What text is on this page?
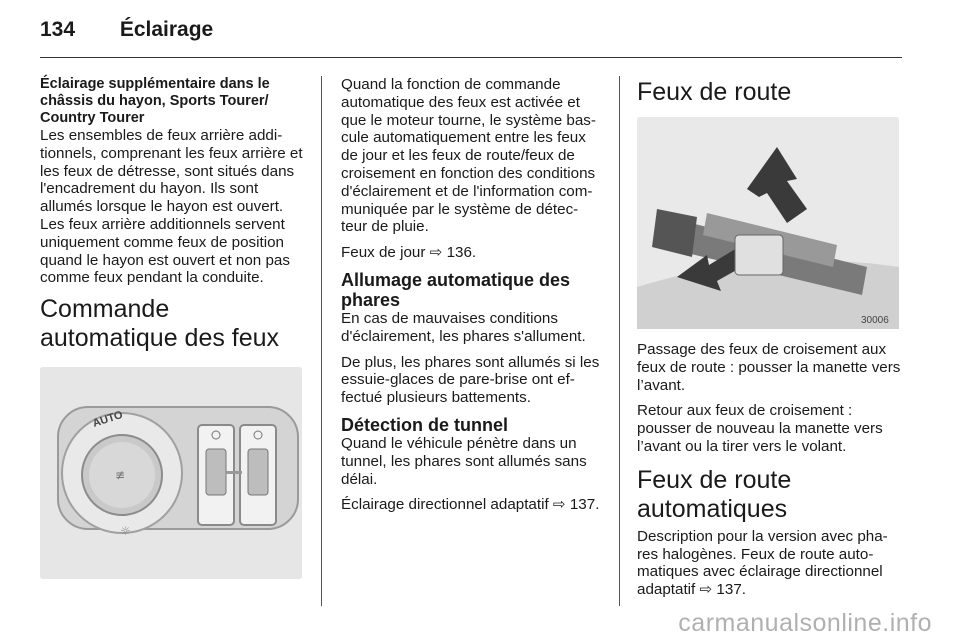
134 Éclairage
Éclairage supplémentaire dans le châssis du hayon, Sports Tourer/ Country Tourer

Les ensembles de feux arrière addi- tionnels, comprenant les feux arrière et les feux de détresse, sont situés dans l'encadrement du hayon. Ils sont allumés lorsque le hayon est ouvert. Les feux arrière additionnels servent uniquement comme feux de position quand le hayon est ouvert et non pas comme feux pendant la conduite.

Commande automatique des feux
≢
AUTO
☼

Quand la fonction de commande automatique des feux est activée et que le moteur tourne, le système bas- cule automatiquement entre les feux de jour et les feux de route/feux de croisement en fonction des conditions d'éclairement et de l'information com- muniquée par le système de détec- teur de pluie.

Feux de jour ⇨ 136.

Allumage automatique des phares

En cas de mauvaises conditions d'éclairement, les phares s'allument.

De plus, les phares sont allumés si les essuie-glaces de pare-brise ont ef- fectué plusieurs battements.

Détection de tunnel

Quand le véhicule pénètre dans un tunnel, les phares sont allumés sans délai.

Éclairage directionnel adaptatif ⇨ 137.

Feux de route
30006

Passage des feux de croisement aux feux de route : pousser la manette vers l’avant.

Retour aux feux de croisement : pousser de nouveau la manette vers l’avant ou la tirer vers le volant.

Feux de route automatiques

Description pour la version avec pha- res halogènes. Feux de route auto- matiques avec éclairage directionnel adaptatif ⇨ 137.

carmanualsonline.info
